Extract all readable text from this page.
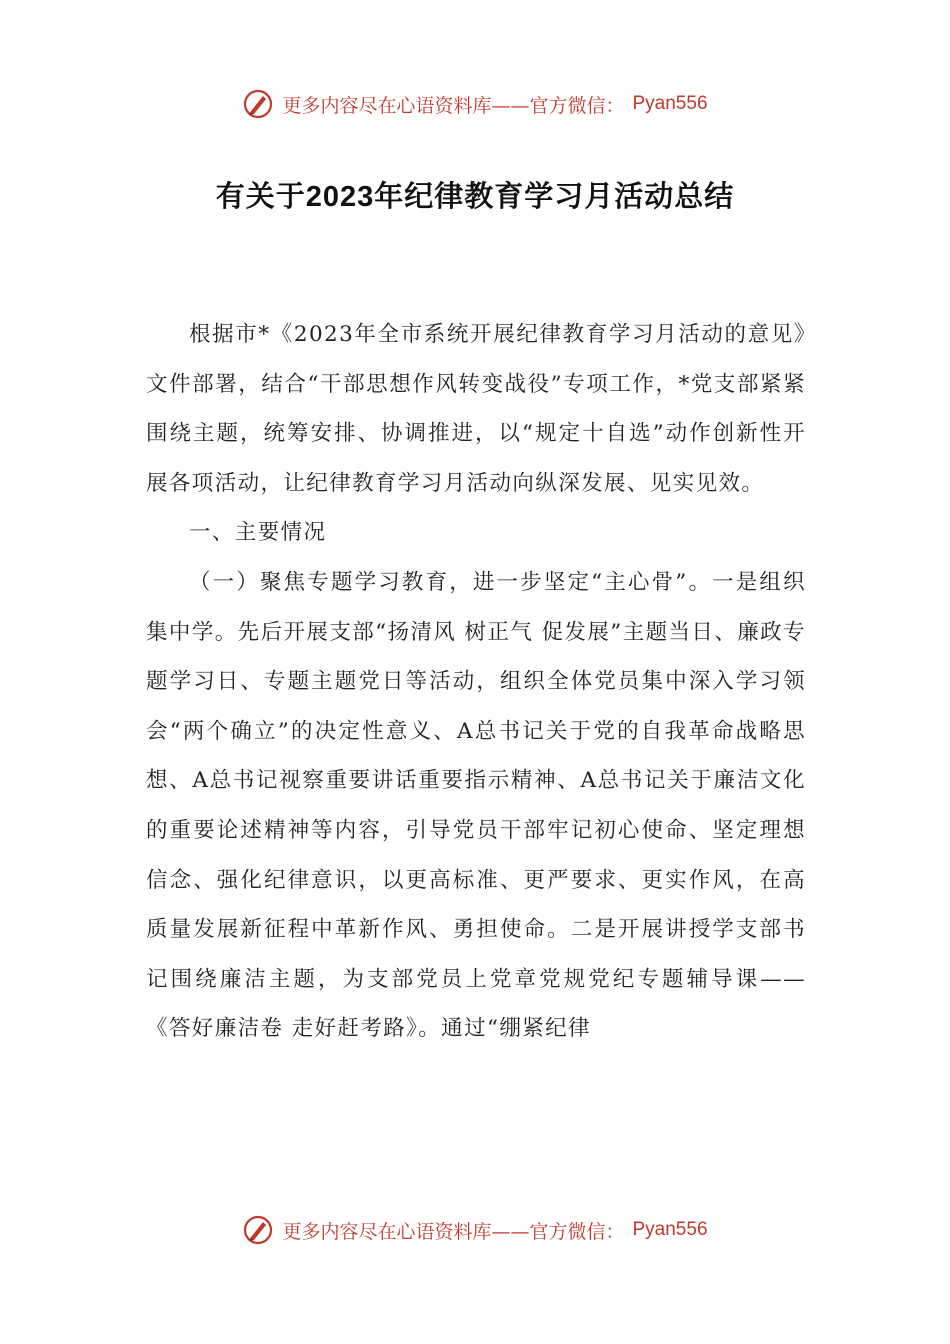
更多内容尽在心语资料库——官方微信： Pyan556
有关于2023年纪律教育学习月活动总结

根据市*《2023年全市系统开展纪律教育学习月活动的意见》文件部署，结合“干部思想作风转变战役”专项工作，*党支部紧紧围绕主题，统筹安排、协调推进，以“规定十自选”动作创新性开展各项活动，让纪律教育学习月活动向纵深发展、见实见效。

一、主要情况

（一）聚焦专题学习教育，进一步坚定“主心骨”。一是组织集中学。先后开展支部“扬清风 树正气 促发展”主题当日、廉政专题学习日、专题主题党日等活动，组织全体党员集中深入学习领会“两个确立”的决定性意义、A总书记关于党的自我革命战略思想、A总书记视察重要讲话重要指示精神、A总书记关于廉洁文化的重要论述精神等内容，引导党员干部牢记初心使命、坚定理想信念、强化纪律意识，以更高标准、更严要求、更实作风，在高质量发展新征程中革新作风、勇担使命。二是开展讲授学支部书记围绕廉洁主题，为支部党员上党章党规党纪专题辅导课——《答好廉洁卷 走好赶考路》。通过“绷紧纪律

更多内容尽在心语资料库——官方微信： Pyan556
